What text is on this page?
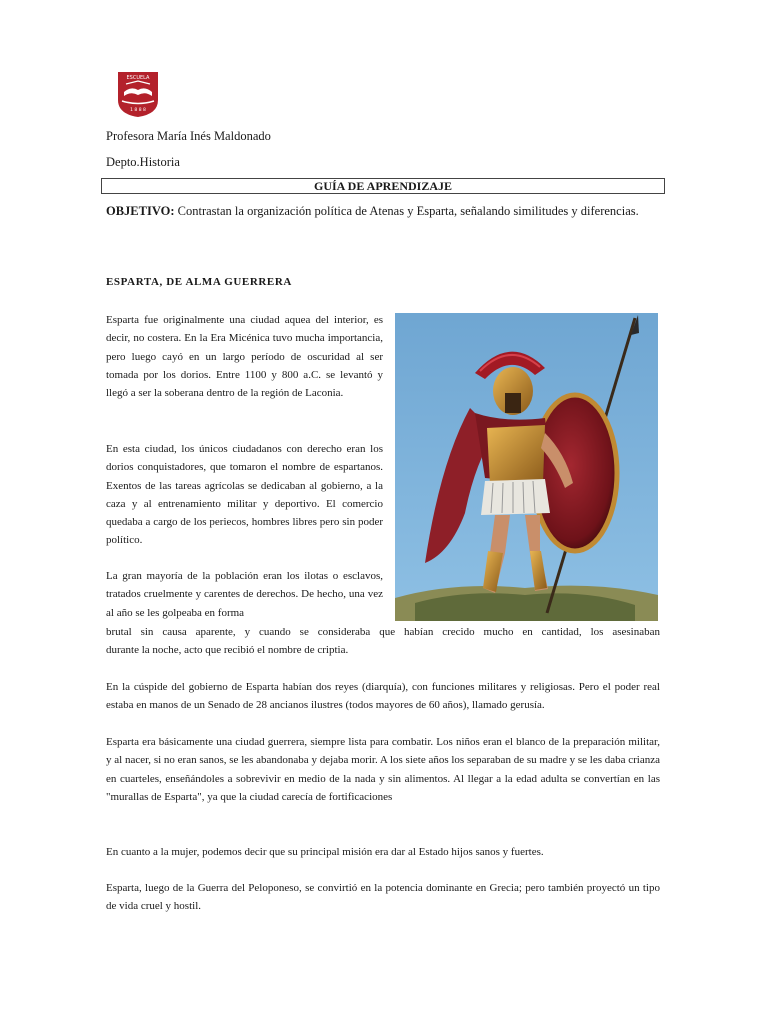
ESCUELA
1 8 8 8
Profesora María Inés Maldonado
Depto.Historia
GUÍA DE APRENDIZAJE
OBJETIVO: Contrastan la organización política de Atenas y Esparta, señalando similitudes y diferencias.
ESPARTA, DE ALMA GUERRERA
Esparta fue originalmente una ciudad aquea del interior, es decir, no costera. En la Era Micénica tuvo mucha importancia, pero luego cayó en un largo período de oscuridad al ser tomada por los dorios. Entre 1100 y 800 a.C. se levantó y llegó a ser la soberana dentro de la región de Laconia.
En esta ciudad, los únicos ciudadanos con derecho eran los dorios conquistadores, que tomaron el nombre de espartanos. Exentos de las tareas agrícolas se dedicaban al gobierno, a la caza y al entrenamiento militar y deportivo. El comercio quedaba a cargo de los periecos, hombres libres pero sin poder político.
La gran mayoría de la población eran los ilotas o esclavos, tratados cruelmente y carentes de derechos. De hecho, una vez al año se les golpeaba en forma
brutal sin causa aparente, y cuando se consideraba que habían crecido mucho en cantidad, los asesinaban
durante la noche, acto que recibió el nombre de criptia.
En la cúspide del gobierno de Esparta habían dos reyes (diarquía), con funciones militares y religiosas. Pero el poder real estaba en manos de un Senado de 28 ancianos ilustres (todos mayores de 60 años), llamado gerusía.
Esparta era básicamente una ciudad guerrera, siempre lista para combatir. Los niños eran el blanco de la preparación militar, y al nacer, si no eran sanos, se les abandonaba y dejaba morir. A los siete años los separaban de su madre y se les daba crianza en cuarteles, enseñándoles a sobrevivir en medio de la nada y sin alimentos. Al llegar a la edad adulta se convertían en las "murallas de Esparta", ya que la ciudad carecía de fortificaciones
En cuanto a la mujer, podemos decir que su principal misión era dar al Estado hijos sanos y fuertes.
Esparta, luego de la Guerra del Peloponeso, se convirtió en la potencia dominante en Grecia; pero también proyectó un tipo de vida cruel y hostil.
